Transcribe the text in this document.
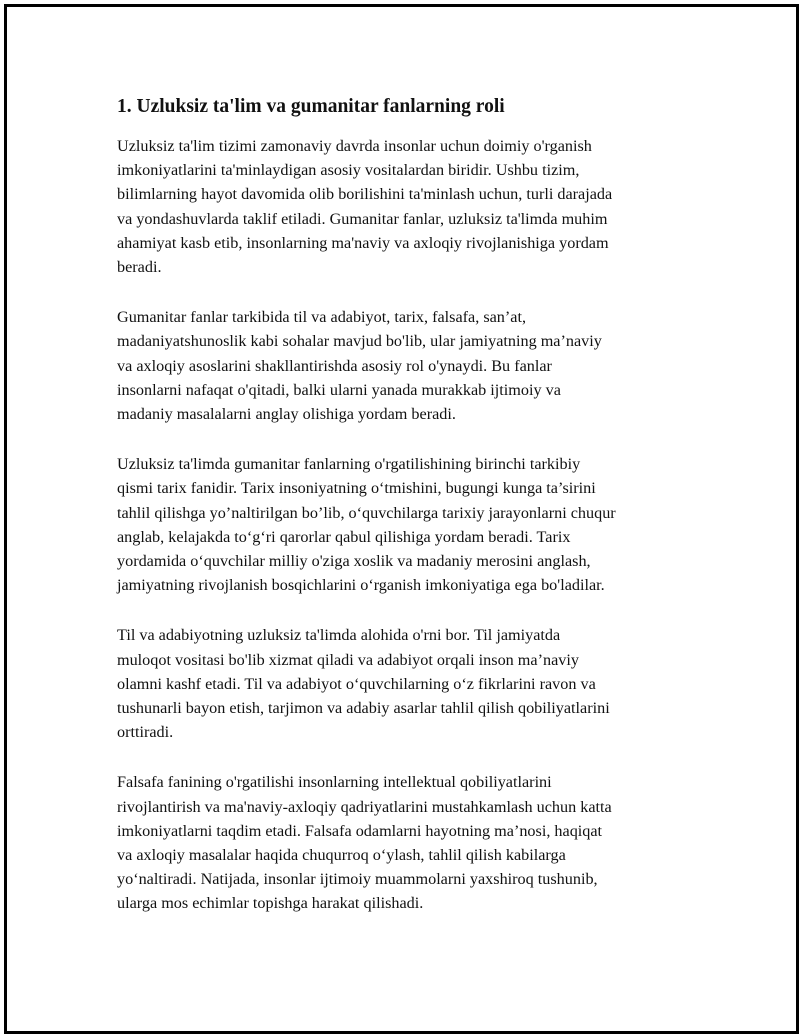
1. Uzluksiz ta'lim va gumanitar fanlarning roli

Uzluksiz ta'lim tizimi zamonaviy davrda insonlar uchun doimiy o'rganish
imkoniyatlarini ta'minlaydigan asosiy vositalardan biridir. Ushbu tizim,
bilimlarning hayot davomida olib borilishini ta'minlash uchun, turli darajada
va yondashuvlarda taklif etiladi. Gumanitar fanlar, uzluksiz ta'limda muhim
ahamiyat kasb etib, insonlarning ma'naviy va axloqiy rivojlanishiga yordam
beradi.

Gumanitar fanlar tarkibida til va adabiyot, tarix, falsafa, san’at,
madaniyatshunoslik kabi sohalar mavjud bo'lib, ular jamiyatning ma’naviy
va axloqiy asoslarini shakllantirishda asosiy rol o'ynaydi. Bu fanlar
insonlarni nafaqat o'qitadi, balki ularni yanada murakkab ijtimoiy va
madaniy masalalarni anglay olishiga yordam beradi.

Uzluksiz ta'limda gumanitar fanlarning o'rgatilishining birinchi tarkibiy
qismi tarix fanidir. Tarix insoniyatning o‘tmishini, bugungi kunga ta’sirini
tahlil qilishga yo’naltirilgan bo’lib, o‘quvchilarga tarixiy jarayonlarni chuqur
anglab, kelajakda to‘g‘ri qarorlar qabul qilishiga yordam beradi. Tarix
yordamida o‘quvchilar milliy o'ziga xoslik va madaniy merosini anglash,
jamiyatning rivojlanish bosqichlarini o‘rganish imkoniyatiga ega bo'ladilar.

Til va adabiyotning uzluksiz ta'limda alohida o'rni bor. Til jamiyatda
muloqot vositasi bo'lib xizmat qiladi va adabiyot orqali inson ma’naviy
olamni kashf etadi. Til va adabiyot o‘quvchilarning o‘z fikrlarini ravon va
tushunarli bayon etish, tarjimon va adabiy asarlar tahlil qilish qobiliyatlarini
orttiradi.

Falsafa fanining o'rgatilishi insonlarning intellektual qobiliyatlarini
rivojlantirish va ma'naviy-axloqiy qadriyatlarini mustahkamlash uchun katta
imkoniyatlarni taqdim etadi. Falsafa odamlarni hayotning ma’nosi, haqiqat
va axloqiy masalalar haqida chuqurroq o‘ylash, tahlil qilish kabilarga
yo‘naltiradi. Natijada, insonlar ijtimoiy muammolarni yaxshiroq tushunib,
ularga mos echimlar topishga harakat qilishadi.
